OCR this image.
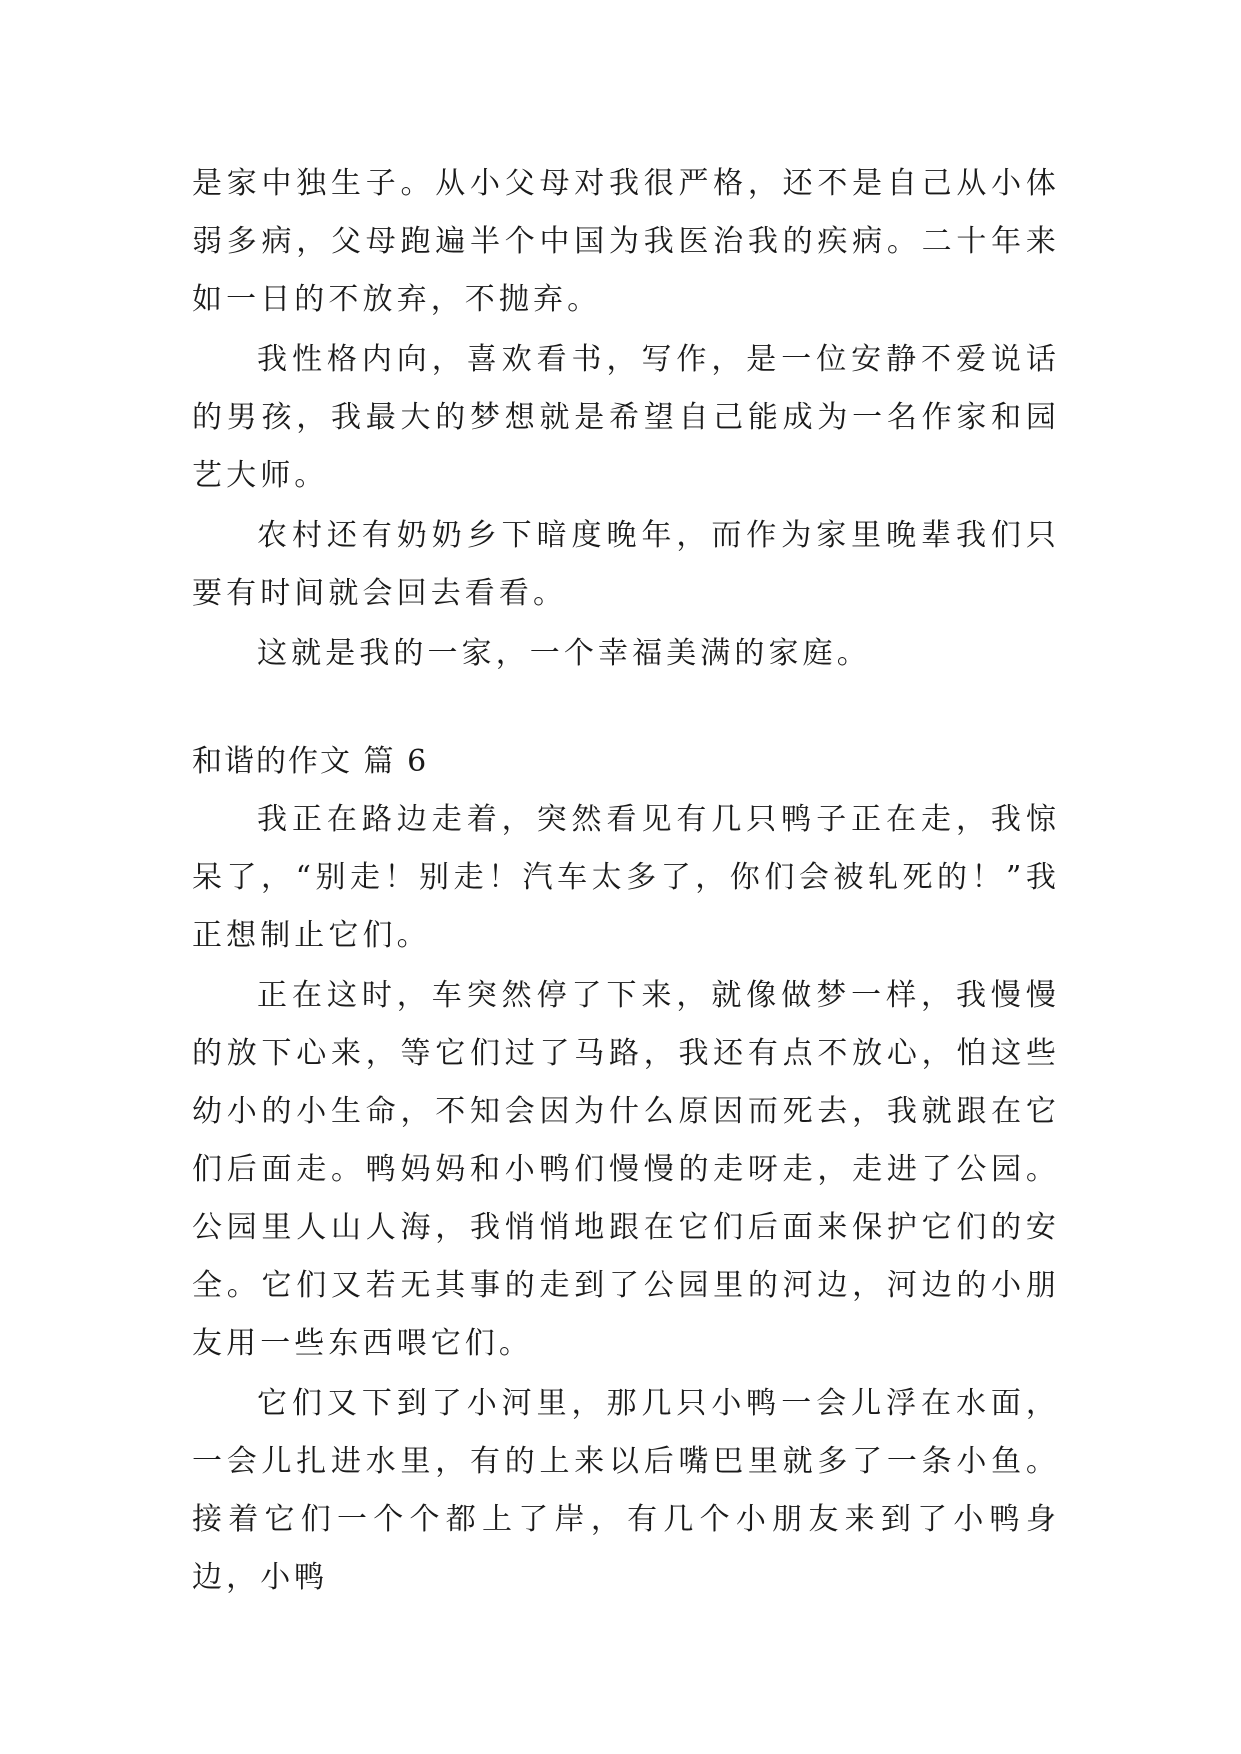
是家中独生子。从小父母对我很严格，还不是自己从小体弱多病，父母跑遍半个中国为我医治我的疾病。二十年来如一日的不放弃，不抛弃。

我性格内向，喜欢看书，写作，是一位安静不爱说话的男孩，我最大的梦想就是希望自己能成为一名作家和园艺大师。

农村还有奶奶乡下暗度晚年，而作为家里晚辈我们只要有时间就会回去看看。

这就是我的一家，一个幸福美满的家庭。

和谐的作文 篇 6

我正在路边走着，突然看见有几只鸭子正在走，我惊呆了，“别走！别走！汽车太多了，你们会被轧死的！”我正想制止它们。

正在这时，车突然停了下来，就像做梦一样，我慢慢的放下心来，等它们过了马路，我还有点不放心，怕这些幼小的小生命，不知会因为什么原因而死去，我就跟在它们后面走。鸭妈妈和小鸭们慢慢的走呀走，走进了公园。公园里人山人海，我悄悄地跟在它们后面来保护它们的安全。它们又若无其事的走到了公园里的河边，河边的小朋友用一些东西喂它们。

它们又下到了小河里，那几只小鸭一会儿浮在水面，一会儿扎进水里，有的上来以后嘴巴里就多了一条小鱼。接着它们一个个都上了岸，有几个小朋友来到了小鸭身边，小鸭
